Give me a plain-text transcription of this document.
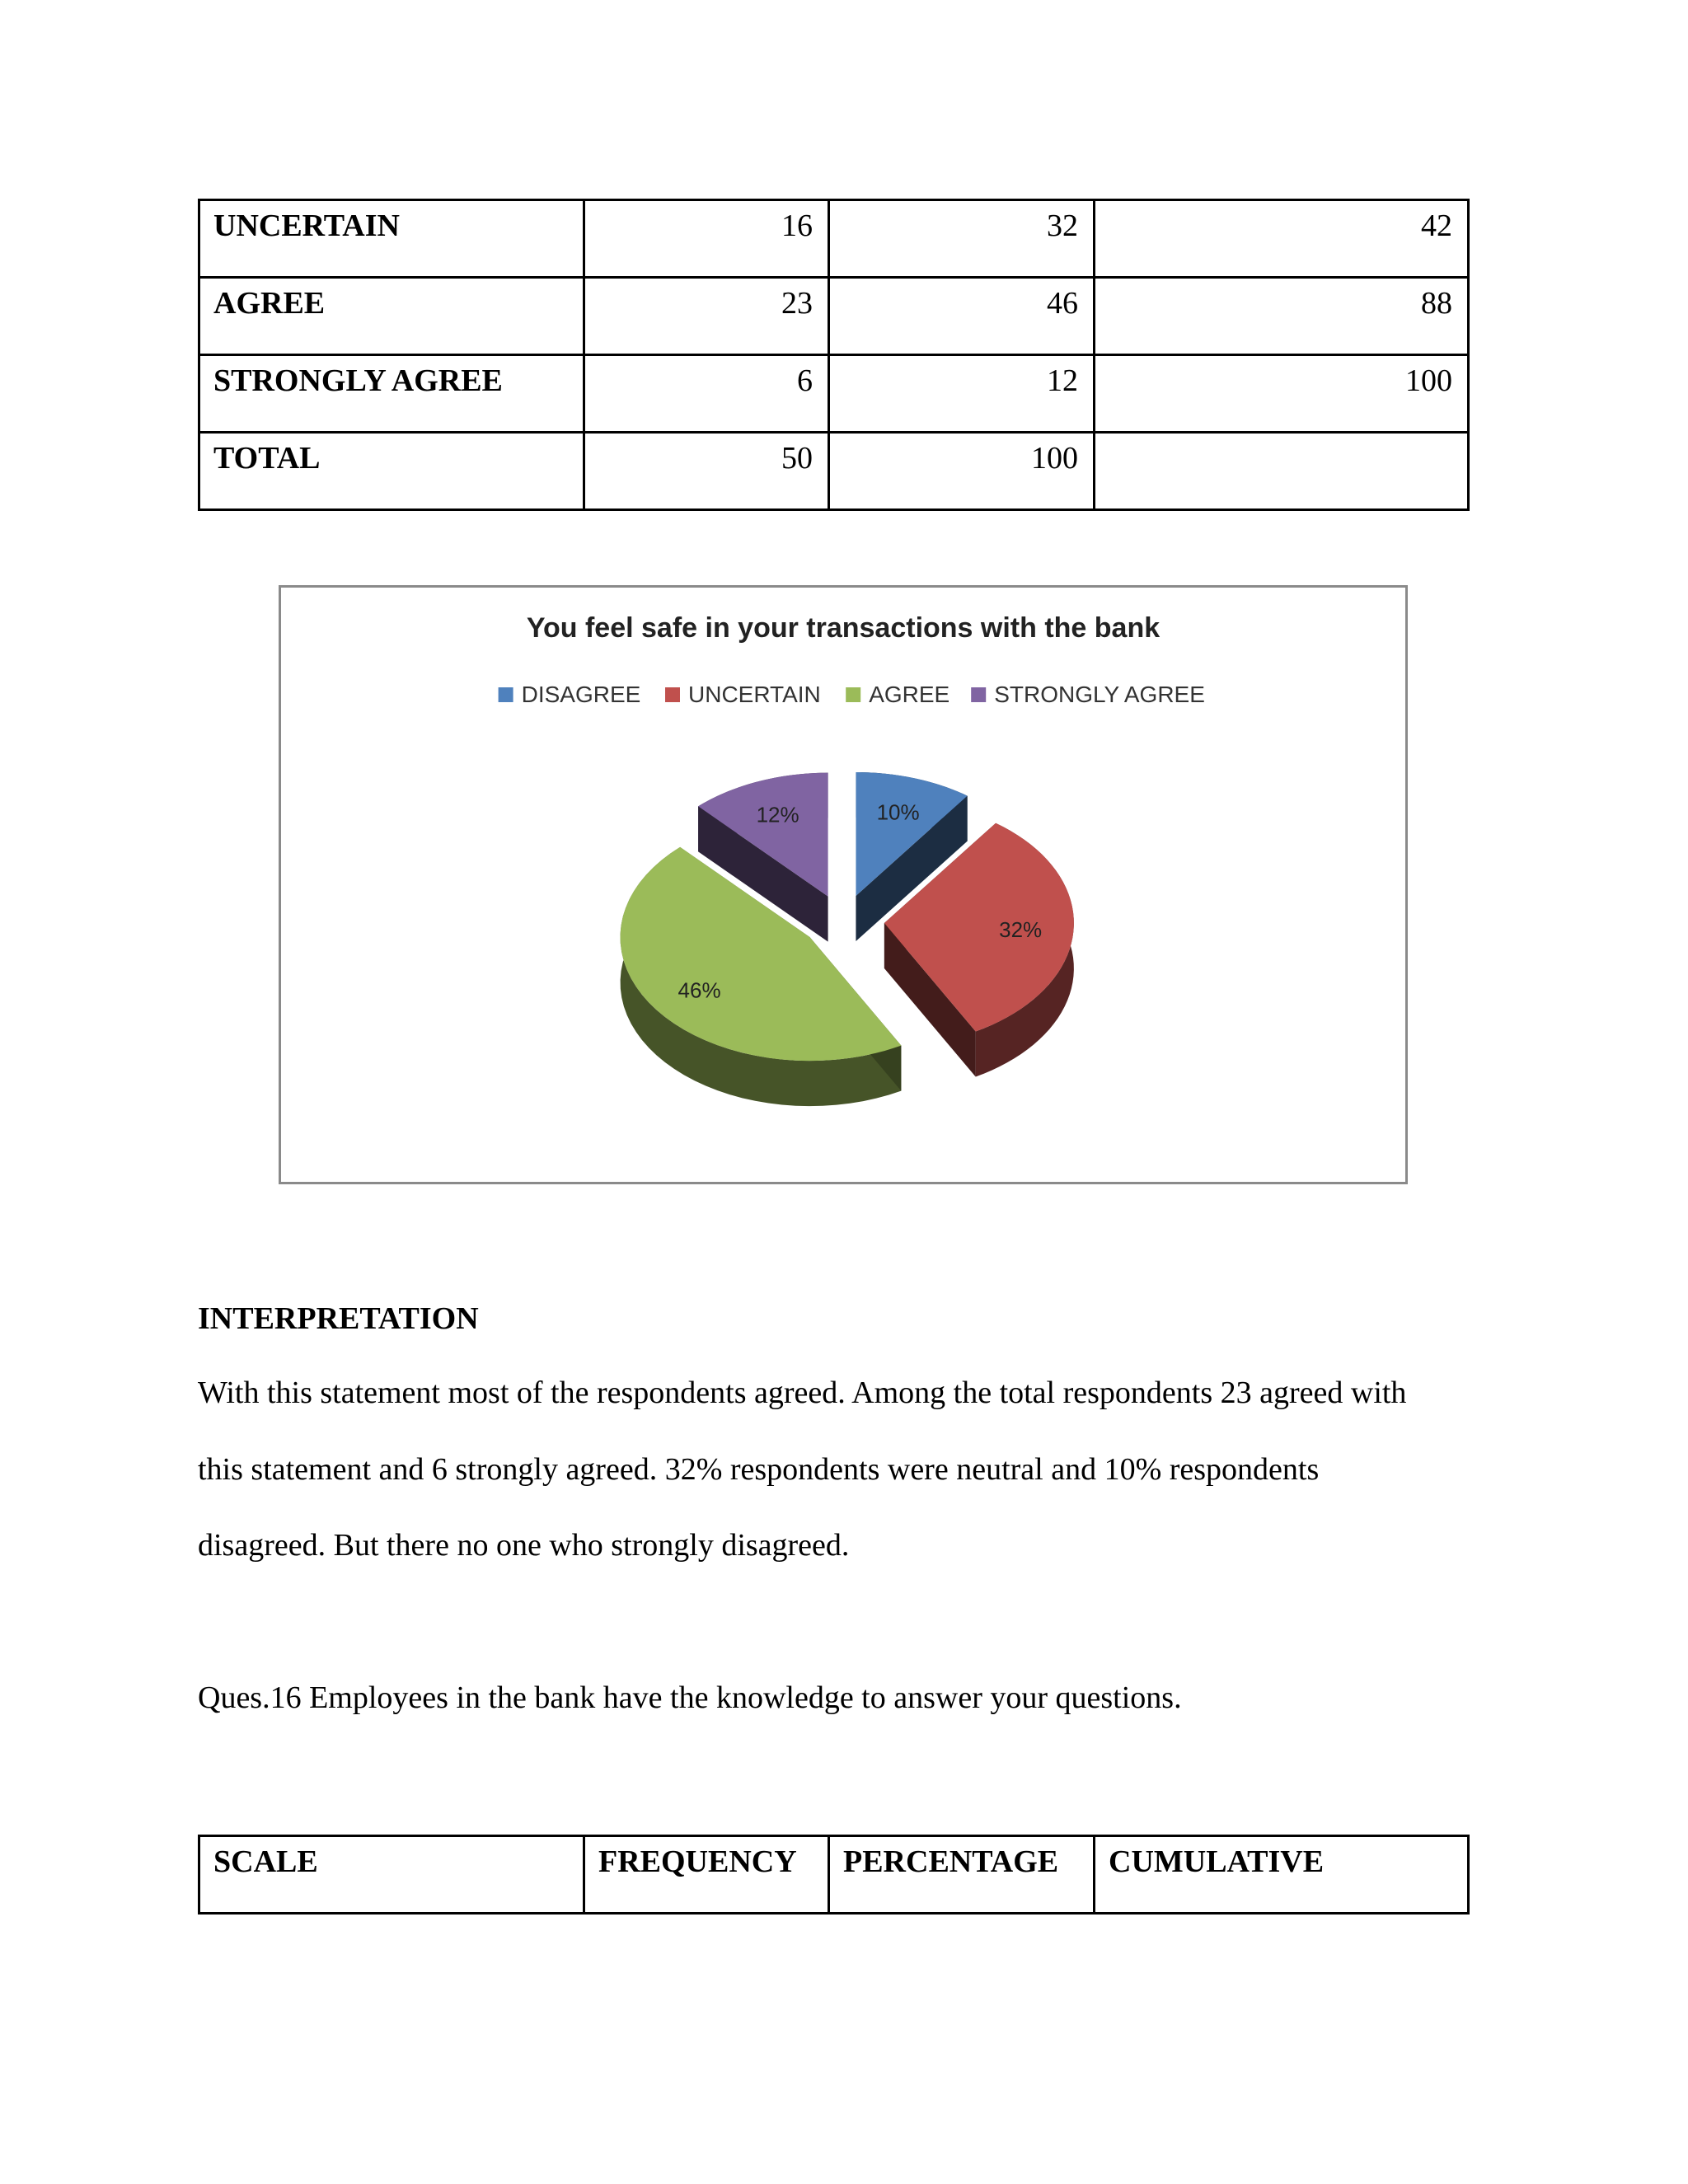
UNCERTAIN	16	32	42
AGREE	23	46	88
STRONGLY AGREE	6	12	100
TOTAL	50	100	
You feel safe in your transactions with the bank
DISAGREE UNCERTAIN AGREE STRONGLY AGREE
10%
32%
46%
12%
INTERPRETATION
With this statement most of the respondents agreed. Among the total respondents 23 agreed with
this statement and 6 strongly agreed. 32% respondents were neutral and 10% respondents
disagreed. But there no one who strongly disagreed.
Ques.16 Employees in the bank have the knowledge to answer your questions.
SCALE	FREQUENCY	PERCENTAGE	CUMULATIVE
